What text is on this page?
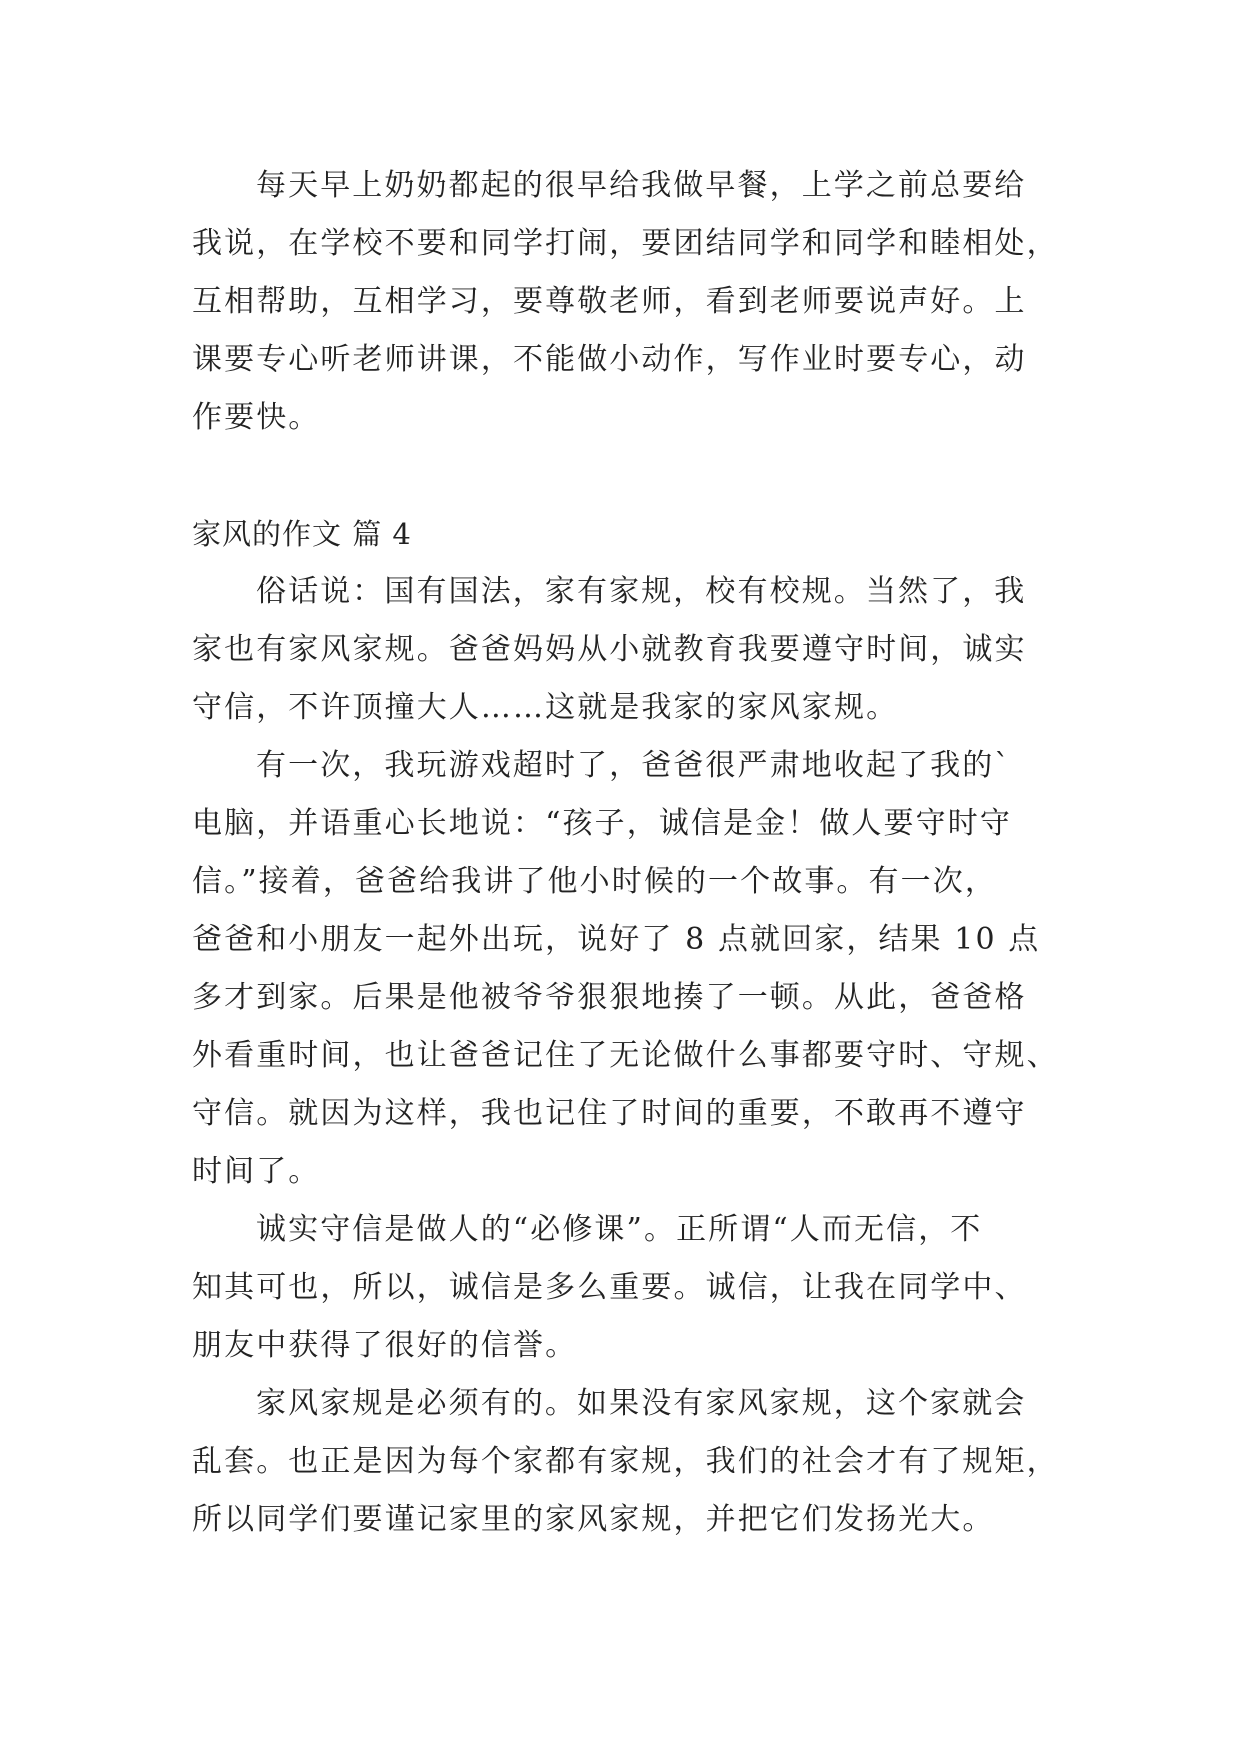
每天早上奶奶都起的很早给我做早餐，上学之前总要给
我说，在学校不要和同学打闹，要团结同学和同学和睦相处，
互相帮助，互相学习，要尊敬老师，看到老师要说声好。上
课要专心听老师讲课，不能做小动作，写作业时要专心，动
作要快。
家风的作文 篇 4
俗话说：国有国法，家有家规，校有校规。当然了，我
家也有家风家规。爸爸妈妈从小就教育我要遵守时间，诚实
守信，不许顶撞大人……这就是我家的家风家规。
有一次，我玩游戏超时了，爸爸很严肃地收起了我的`
电脑，并语重心长地说：“孩子，诚信是金！做人要守时守
信。”接着，爸爸给我讲了他小时候的一个故事。有一次，
爸爸和小朋友一起外出玩，说好了 8 点就回家，结果 10 点
多才到家。后果是他被爷爷狠狠地揍了一顿。从此，爸爸格
外看重时间，也让爸爸记住了无论做什么事都要守时、守规、
守信。就因为这样，我也记住了时间的重要，不敢再不遵守
时间了。
诚实守信是做人的“必修课”。正所谓“人而无信，不
知其可也，所以，诚信是多么重要。诚信，让我在同学中、
朋友中获得了很好的信誉。
家风家规是必须有的。如果没有家风家规，这个家就会
乱套。也正是因为每个家都有家规，我们的社会才有了规矩，
所以同学们要谨记家里的家风家规，并把它们发扬光大。
